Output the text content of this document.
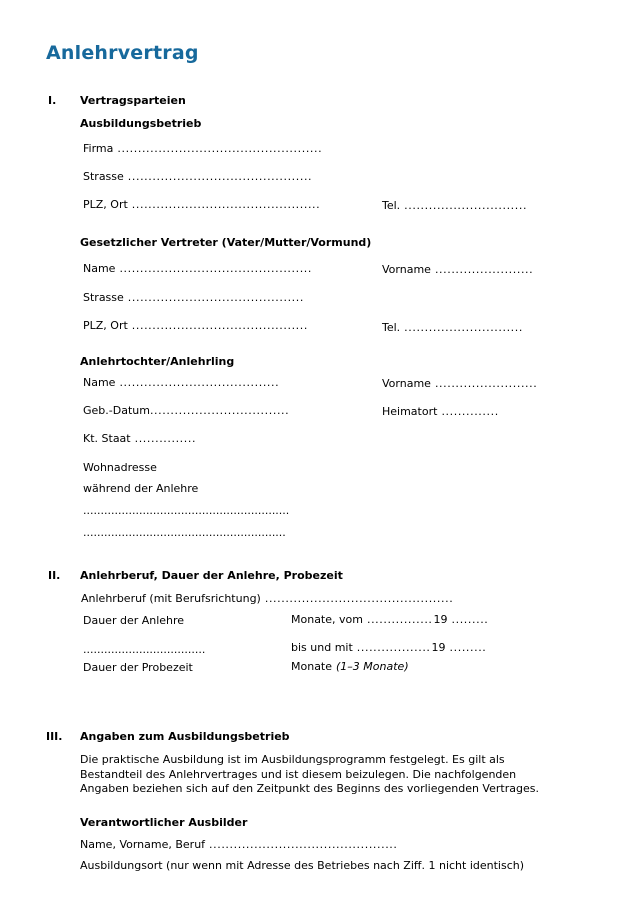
Anlehrvertrag
I. Vertragsparteien
Ausbildungsbetrieb
Firma ..................................................
Strasse .............................................
PLZ, Ort ..............................................	Tel. ..............................
Gesetzlicher Vertreter (Vater/Mutter/Vormund)
Name ...............................................	Vorname ........................
Strasse ...........................................
PLZ, Ort ...........................................	Tel. .............................
Anlehrtochter/Anlehrling
Name .......................................	Vorname .........................
Geb.-Datum..................................	Heimatort ..............
Kt. Staat ...............
Wohnadresse
während der Anlehre
...........................................................
..........................................................
II. Anlehrberuf, Dauer der Anlehre, Probezeit
Anlehrberuf (mit Berufsrichtung) ..............................................
Dauer der Anlehre	Monate, vom ................19 .........
...................................	bis und mit ..................19 .........
Dauer der Probezeit	Monate (1–3 Monate)
III. Angaben zum Ausbildungsbetrieb
Die praktische Ausbildung ist im Ausbildungsprogramm festgelegt. Es gilt als
Bestandteil des Anlehrvertrages und ist diesem beizulegen. Die nachfolgenden
Angaben beziehen sich auf den Zeitpunkt des Beginns des vorliegenden Vertrages.
Verantwortlicher Ausbilder
Name, Vorname, Beruf ..............................................
Ausbildungsort (nur wenn mit Adresse des Betriebes nach Ziff. 1 nicht identisch)
